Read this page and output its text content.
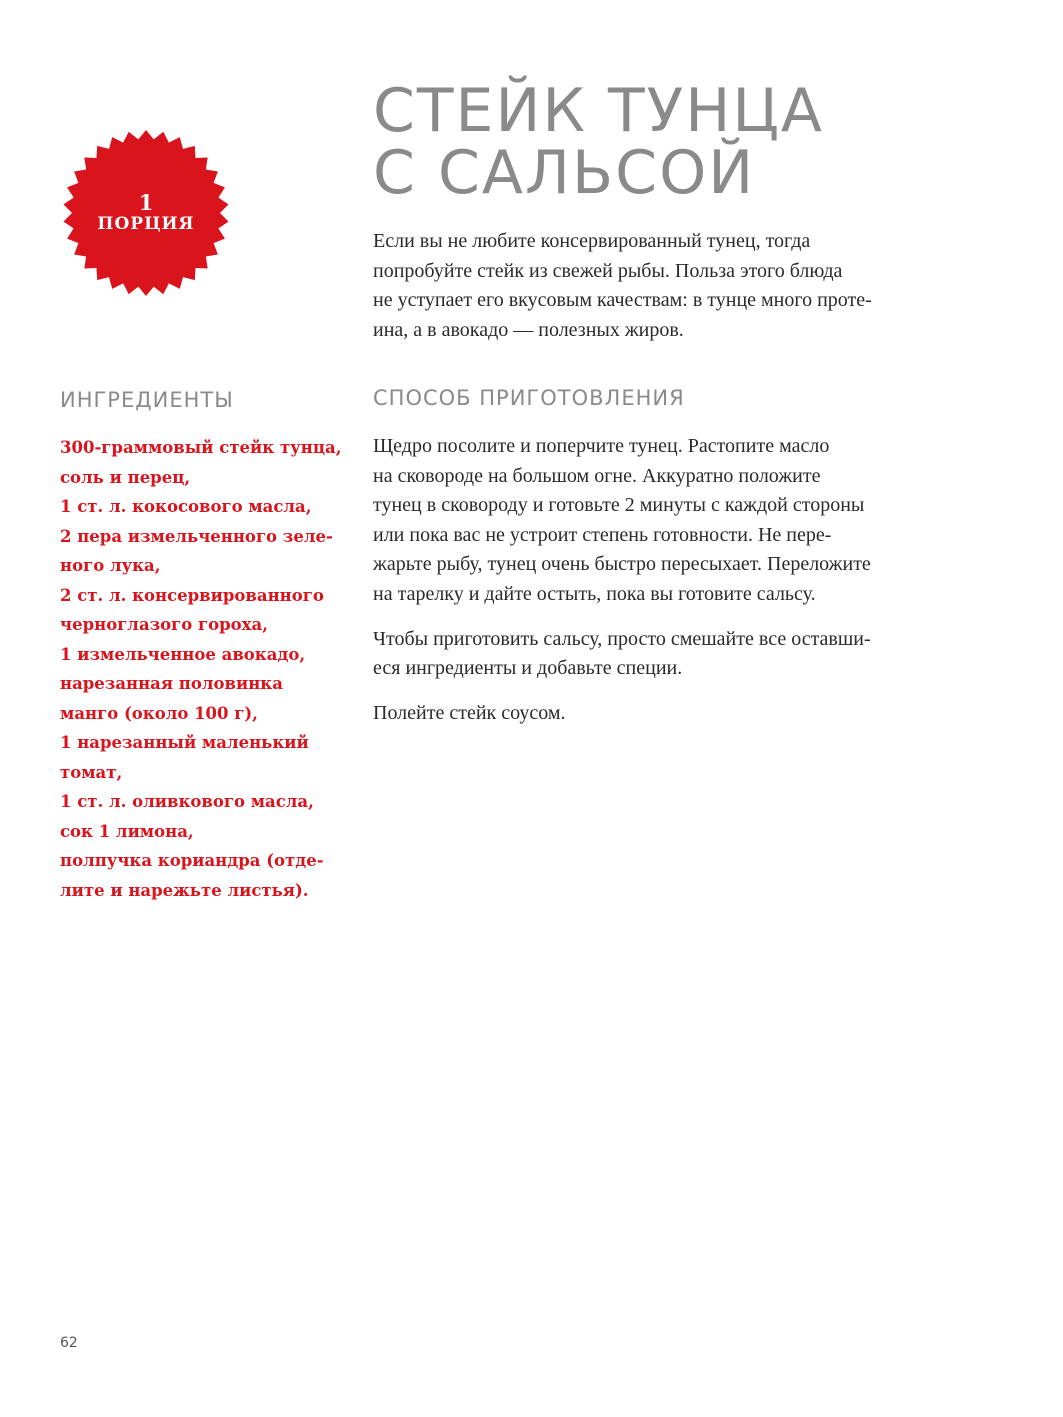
1
ПОРЦИЯ
СТЕЙК ТУНЦА
С САЛЬСОЙ

Если вы не любите консервированный тунец, тогда
попробуйте стейк из свежей рыбы. Польза этого блюда
не уступает его вкусовым качествам: в тунце много проте-
ина, а в авокадо — полезных жиров.

ИНГРЕДИЕНТЫ
300-граммовый стейк тунца,
соль и перец,
1 ст. л. кокосового масла,
2 пера измельченного зеле-
ного лука,
2 ст. л. консервированного
черноглазого гороха,
1 измельченное авокадо,
нарезанная половинка
манго (около 100 г),
1 нарезанный маленький
томат,
1 ст. л. оливкового масла,
сок 1 лимона,
полпучка кориандра (отде-
лите и нарежьте листья).
СПОСОБ ПРИГОТОВЛЕНИЯ

Щедро посолите и поперчите тунец. Растопите масло
на сковороде на большом огне. Аккуратно положите
тунец в сковороду и готовьте 2 минуты с каждой стороны
или пока вас не устроит степень готовности. Не пере-
жарьте рыбу, тунец очень быстро пересыхает. Переложите
на тарелку и дайте остыть, пока вы готовите сальсу.

Чтобы приготовить сальсу, просто смешайте все оставши-
еся ингредиенты и добавьте специи.

Полейте стейк соусом.

62
